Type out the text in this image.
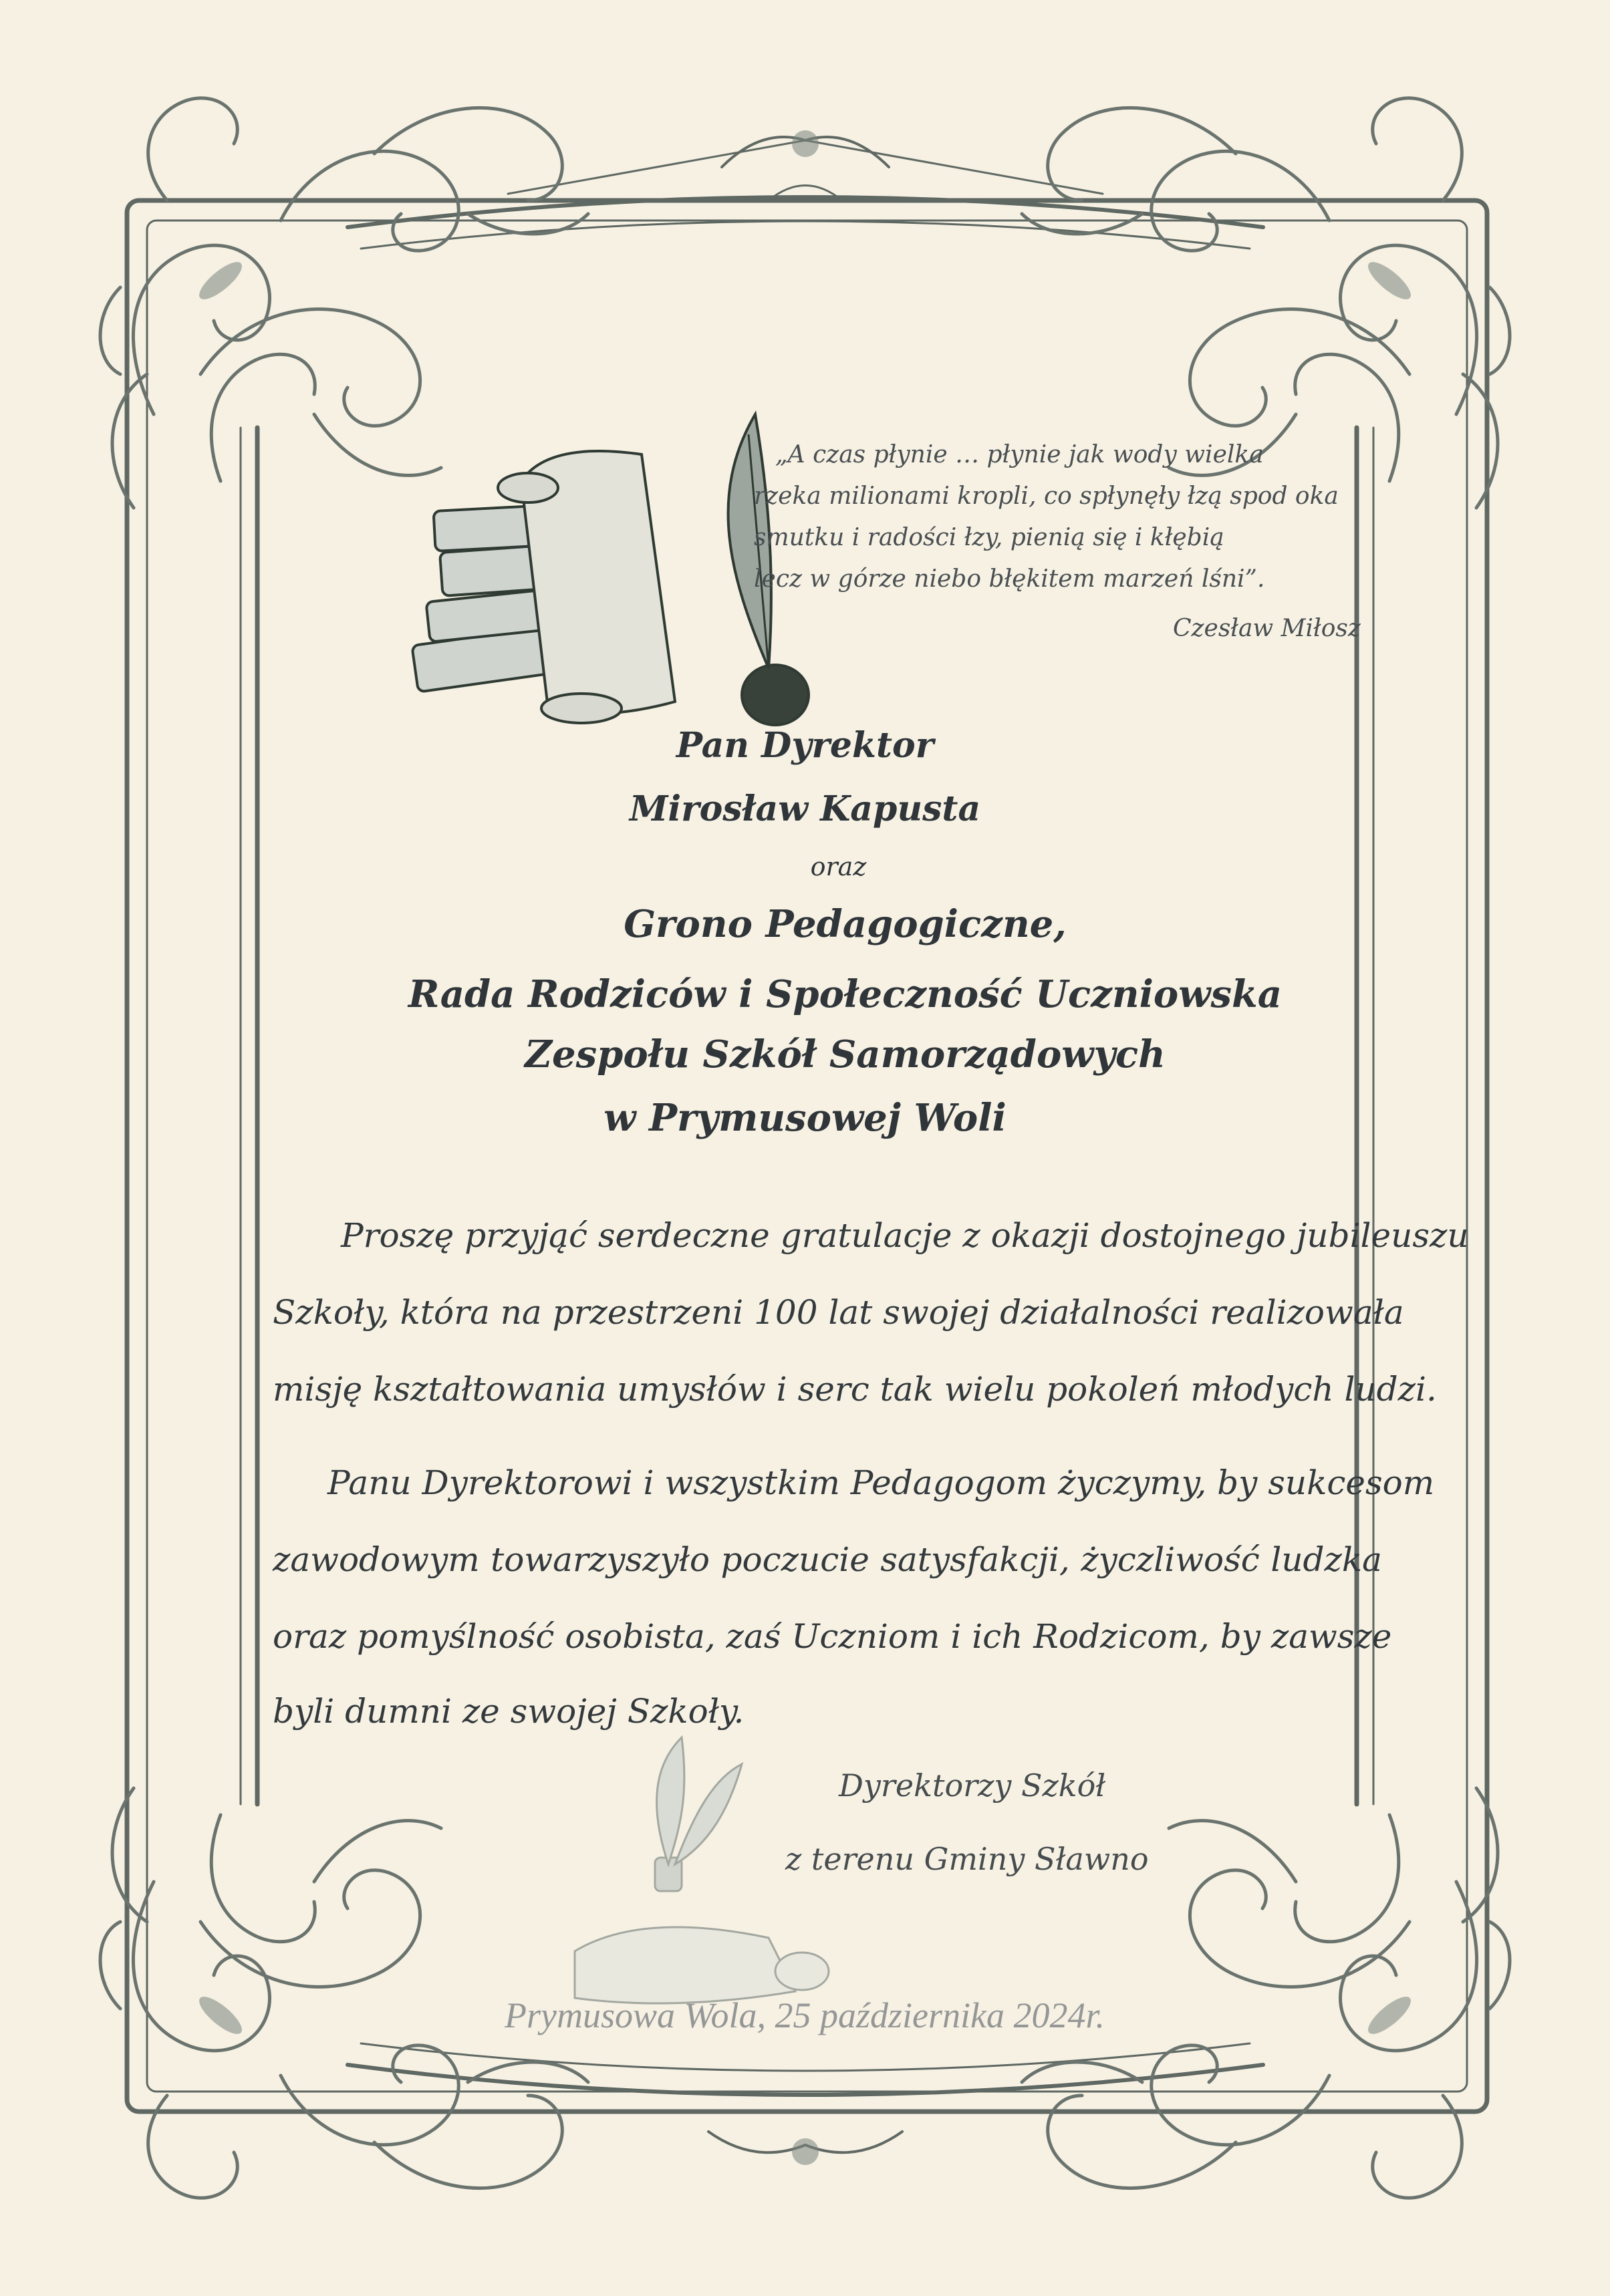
„A czas płynie … płynie jak wody wielka
rzeka milionami kropli, co spłynęły łzą spod oka
smutku i radości łzy, pienią się i kłębią
lecz w górze niebo błękitem marzeń lśni”.
Czesław Miłosz
Pan Dyrektor
Mirosław Kapusta
oraz
Grono Pedagogiczne,
Rada Rodziców i Społeczność Uczniowska
Zespołu Szkół Samorządowych
w Prymusowej Woli
Proszę przyjąć serdeczne gratulacje z okazji dostojnego jubileuszu
Szkoły, która na przestrzeni 100 lat swojej działalności realizowała
misję kształtowania umysłów i serc tak wielu pokoleń młodych ludzi.
Panu Dyrektorowi i wszystkim Pedagogom życzymy, by sukcesom
zawodowym towarzyszyło poczucie satysfakcji, życzliwość ludzka
oraz pomyślność osobista, zaś Uczniom i ich Rodzicom, by zawsze
byli dumni ze swojej Szkoły.
Dyrektorzy Szkół
z terenu Gminy Sławno
Prymusowa Wola, 25 października 2024r.
